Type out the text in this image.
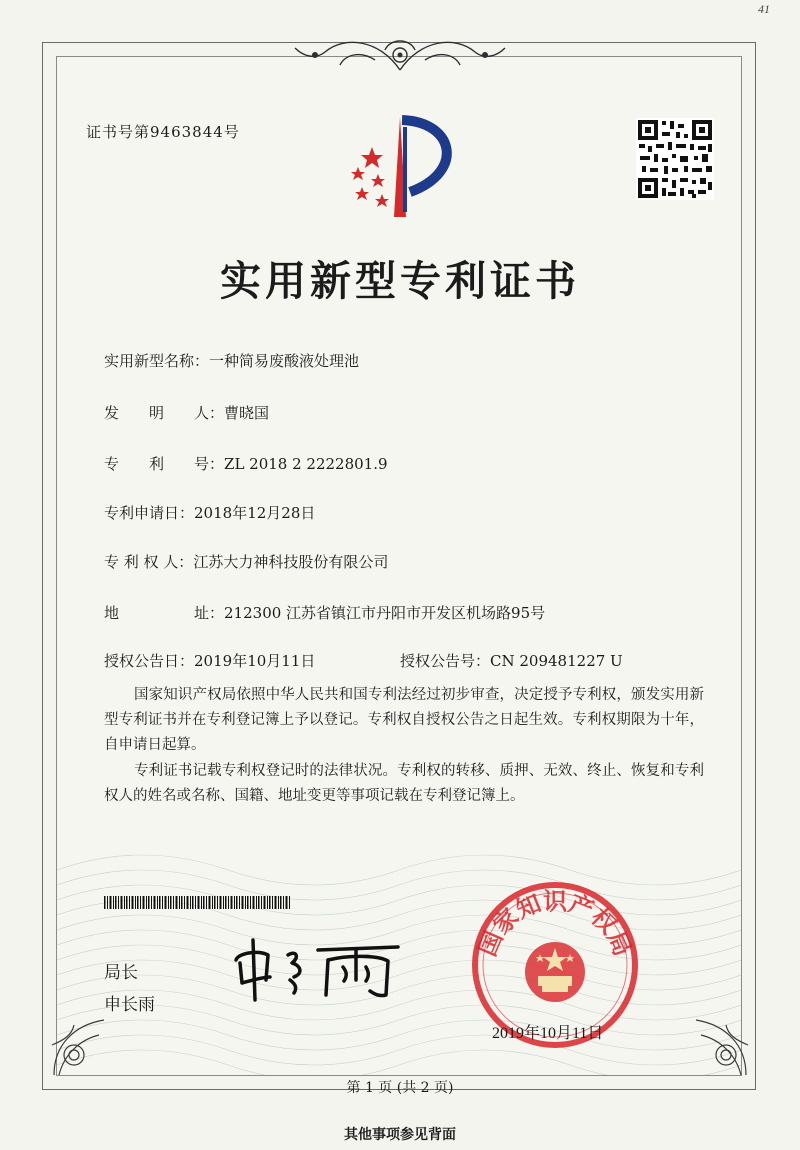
41
证书号第9463844号
实用新型专利证书
实用新型名称：一种简易废酸液处理池
发　　明　　人：曹晓国
专　　利　　号：ZL 2018 2 2222801.9
专利申请日：2018年12月28日
专 利 权 人：江苏大力神科技股份有限公司
地　　　　　址：212300 江苏省镇江市丹阳市开发区机场路95号
授权公告日：2019年10月11日	授权公告号：CN 209481227 U
国家知识产权局依照中华人民共和国专利法经过初步审查，决定授予专利权，颁发实用新型专利证书并在专利登记簿上予以登记。专利权自授权公告之日起生效。专利权期限为十年，自申请日起算。
专利证书记载专利权登记时的法律状况。专利权的转移、质押、无效、终止、恢复和专利权人的姓名或名称、国籍、地址变更等事项记载在专利登记簿上。
局长
申长雨
国家知识产权局
2019年10月11日
第 1 页 (共 2 页)
其他事项参见背面
